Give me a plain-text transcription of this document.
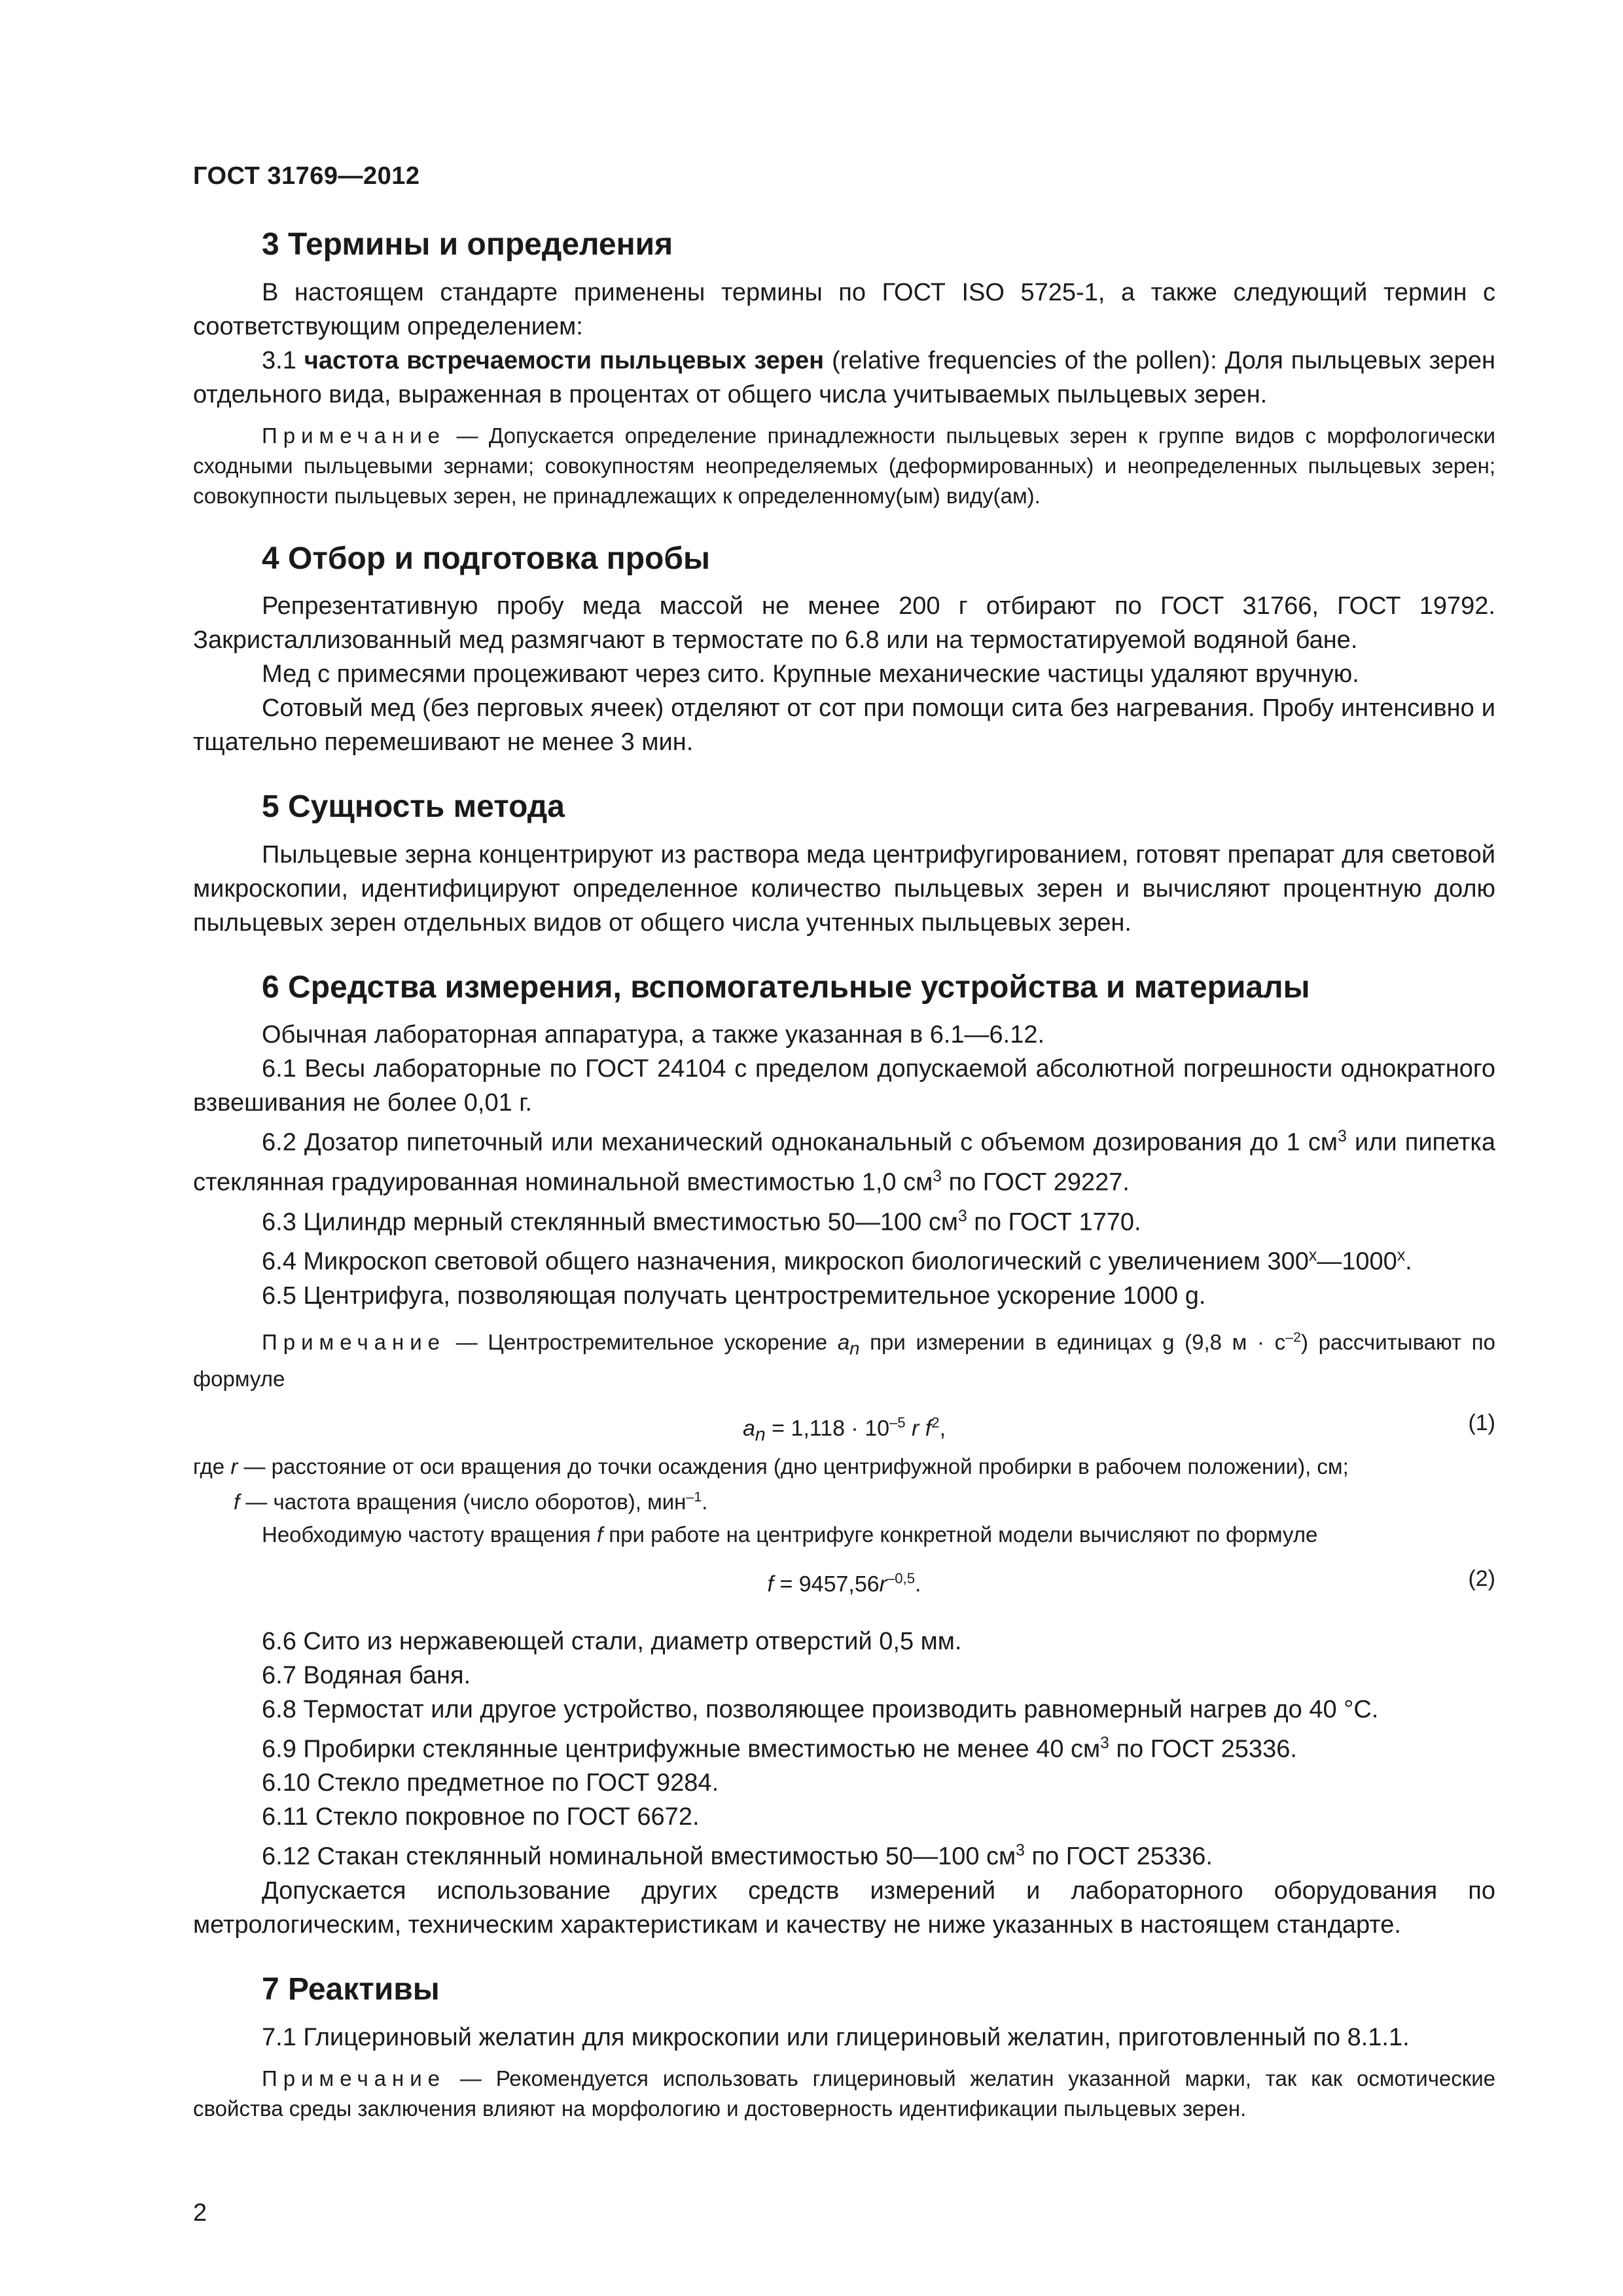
ГОСТ 31769—2012
3 Термины и определения

В настоящем стандарте применены термины по ГОСТ ISO 5725-1, а также следующий термин с соответствующим определением:

3.1 частота встречаемости пыльцевых зерен (relative frequencies of the pollen): Доля пыльцевых зерен отдельного вида, выраженная в процентах от общего числа учитываемых пыльцевых зерен.

Примечание — Допускается определение принадлежности пыльцевых зерен к группе видов с морфологически сходными пыльцевыми зернами; совокупностям неопределяемых (деформированных) и неопределенных пыльцевых зерен; совокупности пыльцевых зерен, не принадлежащих к определенному(ым) виду(ам).

4 Отбор и подготовка пробы

Репрезентативную пробу меда массой не менее 200 г отбирают по ГОСТ 31766, ГОСТ 19792. Закристаллизованный мед размягчают в термостате по 6.8 или на термостатируемой водяной бане.

Мед с примесями процеживают через сито. Крупные механические частицы удаляют вручную.

Сотовый мед (без перговых ячеек) отделяют от сот при помощи сита без нагревания. Пробу интенсивно и тщательно перемешивают не менее 3 мин.

5 Сущность метода

Пыльцевые зерна концентрируют из раствора меда центрифугированием, готовят препарат для световой микроскопии, идентифицируют определенное количество пыльцевых зерен и вычисляют процентную долю пыльцевых зерен отдельных видов от общего числа учтенных пыльцевых зерен.

6 Средства измерения, вспомогательные устройства и материалы

Обычная лабораторная аппаратура, а также указанная в 6.1—6.12.

6.1 Весы лабораторные по ГОСТ 24104 с пределом допускаемой абсолютной погрешности однократного взвешивания не более 0,01 г.

6.2 Дозатор пипеточный или механический одноканальный с объемом дозирования до 1 $см^3$ или пипетка стеклянная градуированная номинальной вместимостью 1,0 $см^3$ по ГОСТ 29227.

6.3 Цилиндр мерный стеклянный вместимостью 50—100 $см^3$ по ГОСТ 1770.

6.4 Микроскоп световой общего назначения, микроскоп биологический с увеличением 300$^x$—1000$^x$.

6.5 Центрифуга, позволяющая получать центростремительное ускорение 1000 g.

Примечание — Центростремительное ускорение $a_n$ при измерении в единицах g (9,8 $м \cdot с^{-2}$) рассчитывают по формуле

$a_n = 1,118 \cdot 10^{-5}$ r $f^2$,	(1)

где r — расстояние от оси вращения до точки осаждения (дно центрифужной пробирки в рабочем положении), см;

f — частота вращения (число оборотов), мин$^{-1}$.

Необходимую частоту вращения f при работе на центрифуге конкретной модели вычисляют по формуле

$f = 9457,56r^{-0,5}$.	(2)

6.6 Сито из нержавеющей стали, диаметр отверстий 0,5 мм.

6.7 Водяная баня.

6.8 Термостат или другое устройство, позволяющее производить равномерный нагрев до 40 °С.

6.9 Пробирки стеклянные центрифужные вместимостью не менее 40 $см^3$ по ГОСТ 25336.

6.10 Стекло предметное по ГОСТ 9284.

6.11 Стекло покровное по ГОСТ 6672.

6.12 Стакан стеклянный номинальной вместимостью 50—100 $см^3$ по ГОСТ 25336.

Допускается использование других средств измерений и лабораторного оборудования по метрологическим, техническим характеристикам и качеству не ниже указанных в настоящем стандарте.

7 Реактивы

7.1 Глицериновый желатин для микроскопии или глицериновый желатин, приготовленный по 8.1.1.

Примечание — Рекомендуется использовать глицериновый желатин указанной марки, так как осмотические свойства среды заключения влияют на морфологию и достоверность идентификации пыльцевых зерен.

2
